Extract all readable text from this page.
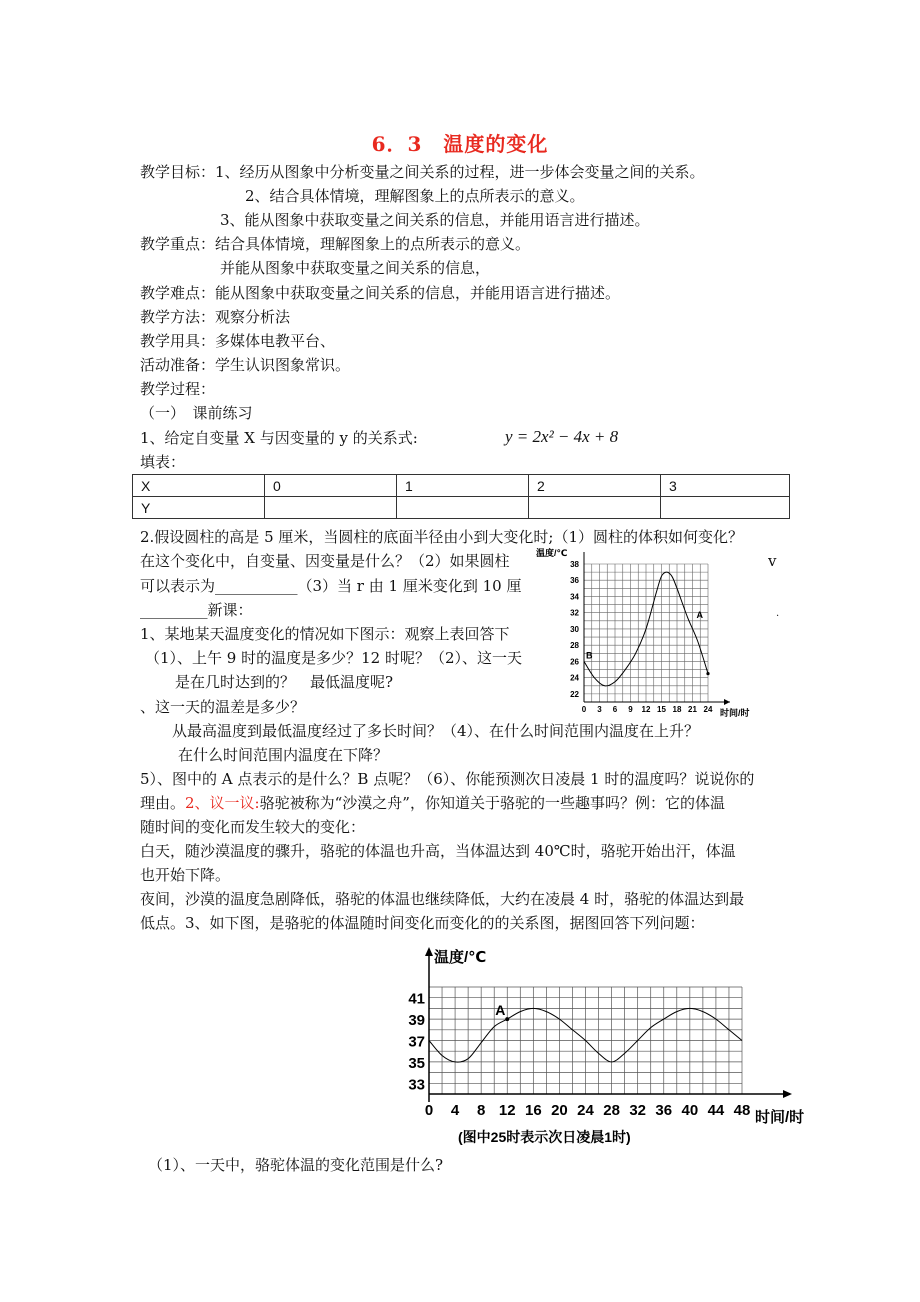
6．3　温度的变化
教学目标：1、经历从图象中分析变量之间关系的过程，进一步体会变量之间的关系。
2、结合具体情境，理解图象上的点所表示的意义。
3、能从图象中获取变量之间关系的信息，并能用语言进行描述。
教学重点：结合具体情境，理解图象上的点所表示的意义。
并能从图象中获取变量之间关系的信息，
教学难点：能从图象中获取变量之间关系的信息，并能用语言进行描述。
教学方法：观察分析法
教学用具：多媒体电教平台、
活动准备：学生认识图象常识。
教学过程：
（一）　课前练习
1、给定自变量 X 与因变量的 y 的关系式:	y = 2x² − 4x + 8
填表：
X	0	1	2	3
Y				
2.假设圆柱的高是 5 厘米，当圆柱的底面半径由小到大变化时;（1）圆柱的体积如何变化？
在这个变化中，自变量、因变量是什么？（2）如果圆柱	v
可以表示为___________（3）当 r 由 1 厘米变化到 10 厘
_________新课：
1、某地某天温度变化的情况如下图示：观察上表回答下
（1）、上午 9 时的温度是多少？12 时呢？（2）、这一天
是在几时达到的？　最低温度呢?
、这一天的温差是多少？
从最高温度到最低温度经过了多长时间？（4）、在什么时间范围内温度在上升？
在什么时间范围内温度在下降？
5）、图中的 A 点表示的是什么？B 点呢？（6）、你能预测次日凌晨 1 时的温度吗？说说你的
理由。2、议一议:骆驼被称为“沙漠之舟”，你知道关于骆驼的一些趣事吗？例：它的体温
随时间的变化而发生较大的变化：
白天，随沙漠温度的骤升，骆驼的体温也升高，当体温达到 40℃时，骆驼开始出汗，体温
也开始下降。
夜间，沙漠的温度急剧降低，骆驼的体温也继续降低，大约在凌晨 4 时，骆驼的体温达到最
低点。3、如下图，是骆驼的体温随时间变化而变化的的关系图，据图回答下列问题：
（1）、一天中，骆驼体温的变化范围是什么?
22
24
26
28
30
32
34
36
38
0 3 6 9 12 15 18 21 24
温度/℃
时间/时
A
B
33
35
37
39
41
0 4 8 12 16 20 24 28 32 36 40 44 48
温度/℃
时间/时
(图中25时表示次日凌晨1时)
A
.
